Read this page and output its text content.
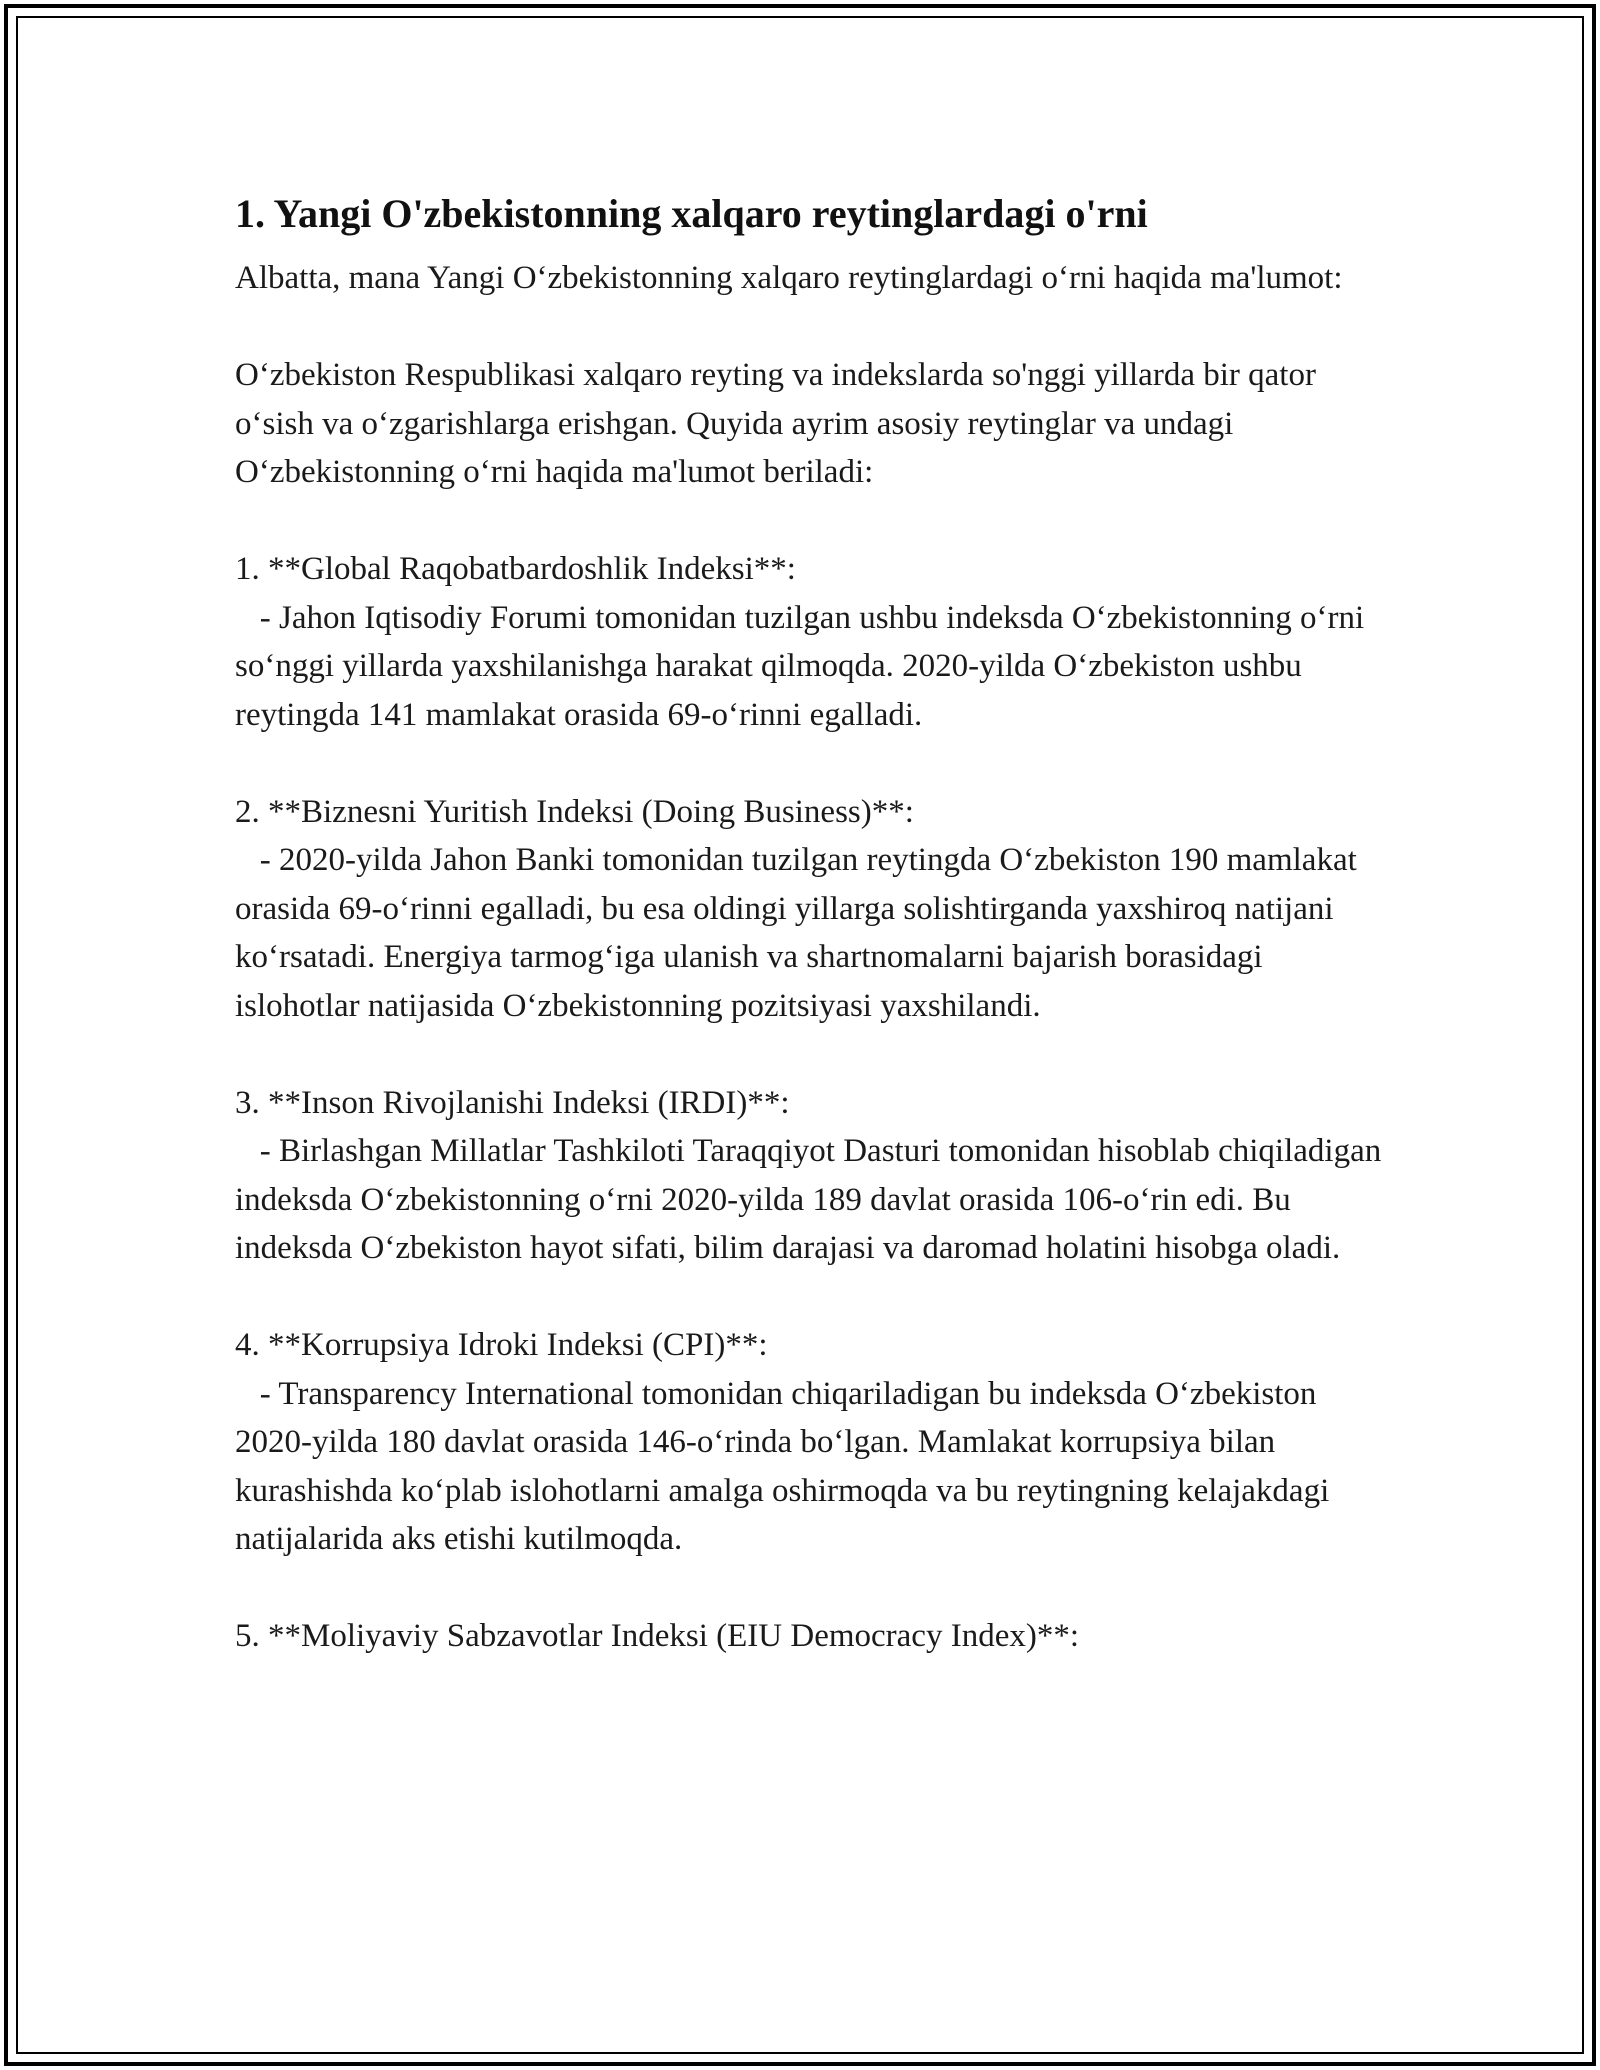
1. Yangi O'zbekistonning xalqaro reytinglardagi o'rni

Albatta, mana Yangi O‘zbekistonning xalqaro reytinglardagi o‘rni haqida ma'lumot:

O‘zbekiston Respublikasi xalqaro reyting va indekslarda so'nggi yillarda bir qator o‘sish va o‘zgarishlarga erishgan. Quyida ayrim asosiy reytinglar va undagi O‘zbekistonning o‘rni haqida ma'lumot beriladi:

1. **Global Raqobatbardoshlik Indeksi**:

- Jahon Iqtisodiy Forumi tomonidan tuzilgan ushbu indeksda O‘zbekistonning o‘rni so‘nggi yillarda yaxshilanishga harakat qilmoqda. 2020-yilda O‘zbekiston ushbu reytingda 141 mamlakat orasida 69-o‘rinni egalladi.

2. **Biznesni Yuritish Indeksi (Doing Business)**:

- 2020-yilda Jahon Banki tomonidan tuzilgan reytingda O‘zbekiston 190 mamlakat orasida 69-o‘rinni egalladi, bu esa oldingi yillarga solishtirganda yaxshiroq natijani ko‘rsatadi. Energiya tarmog‘iga ulanish va shartnomalarni bajarish borasidagi islohotlar natijasida O‘zbekistonning pozitsiyasi yaxshilandi.

3. **Inson Rivojlanishi Indeksi (IRDI)**:

- Birlashgan Millatlar Tashkiloti Taraqqiyot Dasturi tomonidan hisoblab chiqiladigan indeksda O‘zbekistonning o‘rni 2020-yilda 189 davlat orasida 106-o‘rin edi. Bu indeksda O‘zbekiston hayot sifati, bilim darajasi va daromad holatini hisobga oladi.

4. **Korrupsiya Idroki Indeksi (CPI)**:

- Transparency International tomonidan chiqariladigan bu indeksda O‘zbekiston 2020-yilda 180 davlat orasida 146-o‘rinda bo‘lgan. Mamlakat korrupsiya bilan kurashishda ko‘plab islohotlarni amalga oshirmoqda va bu reytingning kelajakdagi natijalarida aks etishi kutilmoqda.

5. **Moliyaviy Sabzavotlar Indeksi (EIU Democracy Index)**:
